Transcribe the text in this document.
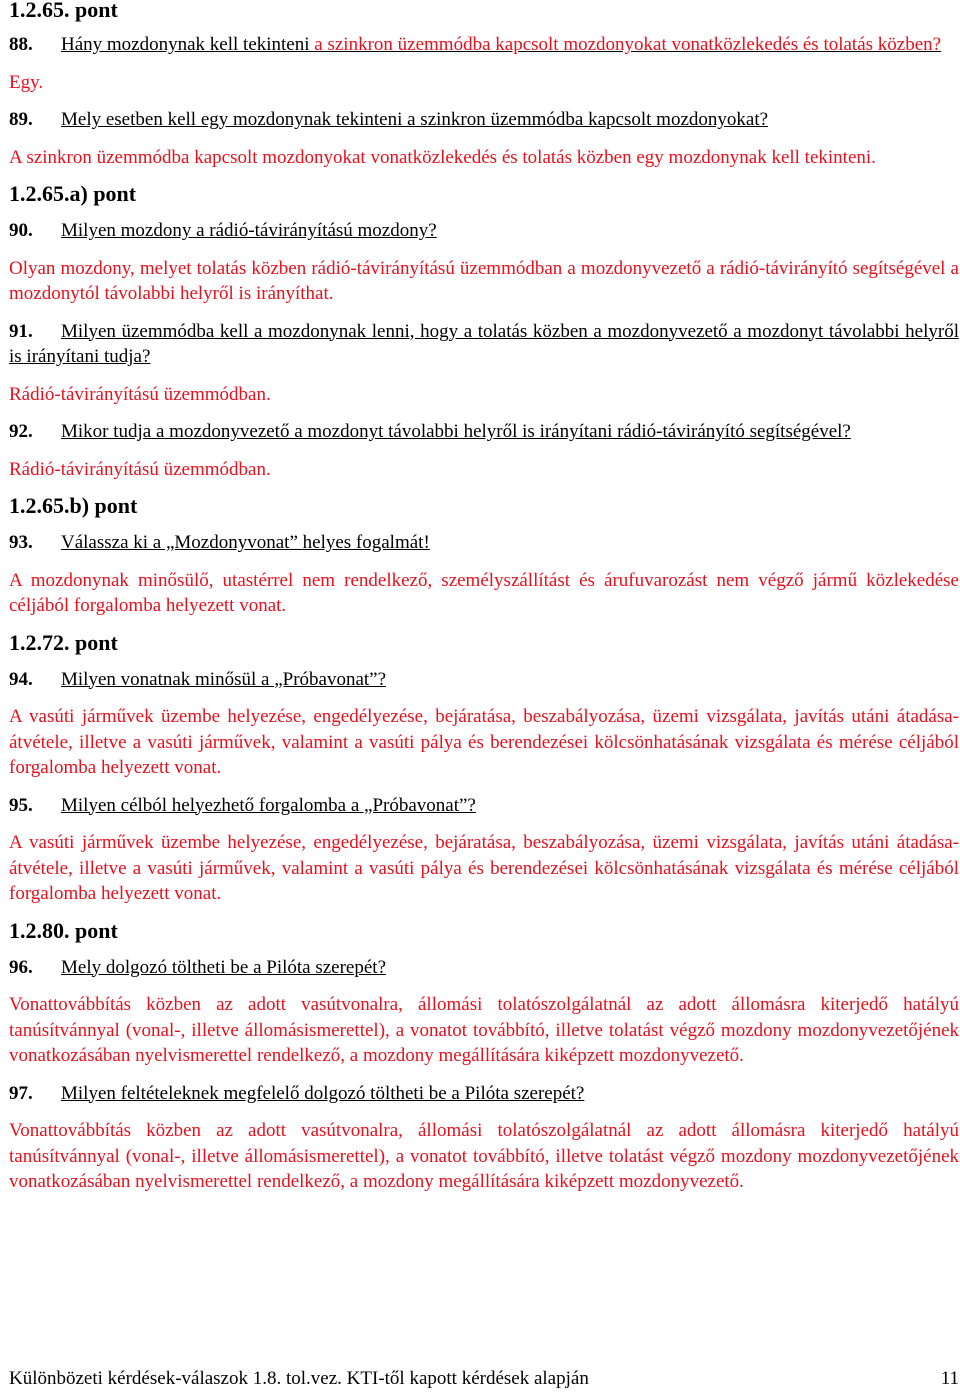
1.2.65. pont

88. Hány mozdonynak kell tekinteni a szinkron üzemmódba kapcsolt mozdonyokat vonatközlekedés és tolatás közben?

Egy.

89. Mely esetben kell egy mozdonynak tekinteni a szinkron üzemmódba kapcsolt mozdonyokat?

A szinkron üzemmódba kapcsolt mozdonyokat vonatközlekedés és tolatás közben egy mozdonynak kell tekinteni.

1.2.65.a) pont

90. Milyen mozdony a rádió-távirányítású mozdony?

Olyan mozdony, melyet tolatás közben rádió-távirányítású üzemmódban a mozdonyvezető a rádió-távirányító segítségével a mozdonytól távolabbi helyről is irányíthat.

91. Milyen üzemmódba kell a mozdonynak lenni, hogy a tolatás közben a mozdonyvezető a mozdonyt távolabbi helyről is irányítani tudja?

Rádió-távirányítású üzemmódban.

92. Mikor tudja a mozdonyvezető a mozdonyt távolabbi helyről is irányítani rádió-távirányító segítségével?

Rádió-távirányítású üzemmódban.

1.2.65.b) pont

93. Válassza ki a „Mozdonyvonat” helyes fogalmát!

A mozdonynak minősülő, utastérrel nem rendelkező, személyszállítást és árufuvarozást nem végző jármű közlekedése céljából forgalomba helyezett vonat.

1.2.72. pont

94. Milyen vonatnak minősül a „Próbavonat”?

A vasúti járművek üzembe helyezése, engedélyezése, bejáratása, beszabályozása, üzemi vizsgálata, javítás utáni átadása-átvétele, illetve a vasúti járművek, valamint a vasúti pálya és berendezései kölcsönhatásának vizsgálata és mérése céljából forgalomba helyezett vonat.

95. Milyen célból helyezhető forgalomba a „Próbavonat”?

A vasúti járművek üzembe helyezése, engedélyezése, bejáratása, beszabályozása, üzemi vizsgálata, javítás utáni átadása-átvétele, illetve a vasúti járművek, valamint a vasúti pálya és berendezései kölcsönhatásának vizsgálata és mérése céljából forgalomba helyezett vonat.

1.2.80. pont

96. Mely dolgozó töltheti be a Pilóta szerepét?

Vonattovábbítás közben az adott vasútvonalra, állomási tolatószolgálatnál az adott állomásra kiterjedő hatályú tanúsítvánnyal (vonal-, illetve állomásismerettel), a vonatot továbbító, illetve tolatást végző mozdony mozdonyvezetőjének vonatkozásában nyelvismerettel rendelkező, a mozdony megállítására kiképzett mozdonyvezető.

97. Milyen feltételeknek megfelelő dolgozó töltheti be a Pilóta szerepét?

Vonattovábbítás közben az adott vasútvonalra, állomási tolatószolgálatnál az adott állomásra kiterjedő hatályú tanúsítvánnyal (vonal-, illetve állomásismerettel), a vonatot továbbító, illetve tolatást végző mozdony mozdonyvezetőjének vonatkozásában nyelvismerettel rendelkező, a mozdony megállítására kiképzett mozdonyvezető.

Különbözeti kérdések-válaszok 1.8. tol.vez. KTI-től kapott kérdések alapján	11
